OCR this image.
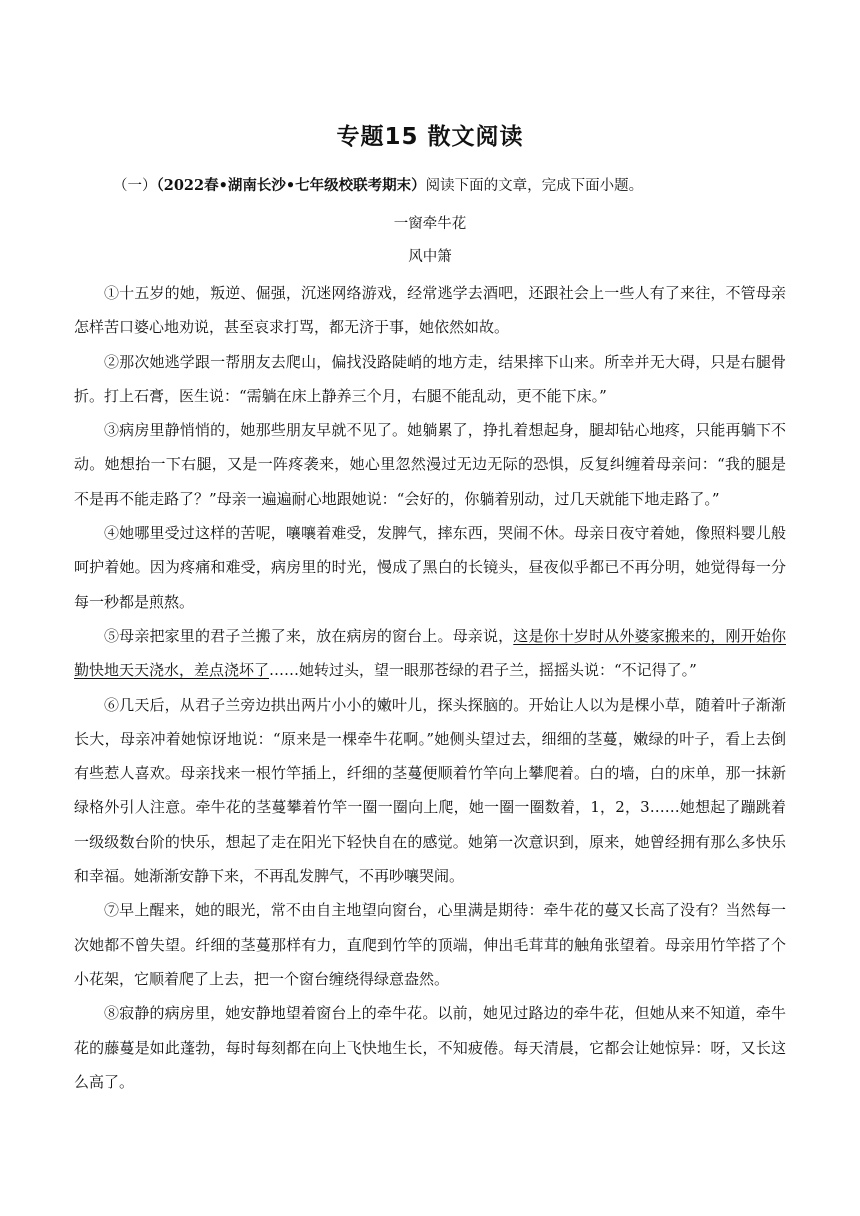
专题15 散文阅读
（一）（2022春•湖南长沙•七年级校联考期末）阅读下面的文章，完成下面小题。

一窗牵牛花

风中箫

①十五岁的她，叛逆、倔强，沉迷网络游戏，经常逃学去酒吧，还跟社会上一些人有了来往，不管母亲怎样苦口婆心地劝说，甚至哀求打骂，都无济于事，她依然如故。

②那次她逃学跟一帮朋友去爬山，偏找没路陡峭的地方走，结果摔下山来。所幸并无大碍，只是右腿骨折。打上石膏，医生说：“需躺在床上静养三个月，右腿不能乱动，更不能下床。”

③病房里静悄悄的，她那些朋友早就不见了。她躺累了，挣扎着想起身，腿却钻心地疼，只能再躺下不动。她想抬一下右腿，又是一阵疼袭来，她心里忽然漫过无边无际的恐惧，反复纠缠着母亲问：“我的腿是不是再不能走路了？”母亲一遍遍耐心地跟她说：“会好的，你躺着别动，过几天就能下地走路了。”

④她哪里受过这样的苦呢，嚷嚷着难受，发脾气，摔东西，哭闹不休。母亲日夜守着她，像照料婴儿般呵护着她。因为疼痛和难受，病房里的时光，慢成了黑白的长镜头，昼夜似乎都已不再分明，她觉得每一分每一秒都是煎熬。

⑤母亲把家里的君子兰搬了来，放在病房的窗台上。母亲说，这是你十岁时从外婆家搬来的，刚开始你勤快地天天浇水，差点浇坏了……她转过头，望一眼那苍绿的君子兰，摇摇头说：“不记得了。”

⑥几天后，从君子兰旁边拱出两片小小的嫩叶儿，探头探脑的。开始让人以为是棵小草，随着叶子渐渐长大，母亲冲着她惊讶地说：“原来是一棵牵牛花啊。”她侧头望过去，细细的茎蔓，嫩绿的叶子，看上去倒有些惹人喜欢。母亲找来一根竹竿插上，纤细的茎蔓便顺着竹竿向上攀爬着。白的墙，白的床单，那一抹新绿格外引人注意。牵牛花的茎蔓攀着竹竿一圈一圈向上爬，她一圈一圈数着，1，2，3……她想起了蹦跳着一级级数台阶的快乐，想起了走在阳光下轻快自在的感觉。她第一次意识到，原来，她曾经拥有那么多快乐和幸福。她渐渐安静下来，不再乱发脾气，不再吵嚷哭闹。

⑦早上醒来，她的眼光，常不由自主地望向窗台，心里满是期待：牵牛花的蔓又长高了没有？当然每一次她都不曾失望。纤细的茎蔓那样有力，直爬到竹竿的顶端，伸出毛茸茸的触角张望着。母亲用竹竿搭了个小花架，它顺着爬了上去，把一个窗台缠绕得绿意盎然。

⑧寂静的病房里，她安静地望着窗台上的牵牛花。以前，她见过路边的牵牛花，但她从来不知道，牵牛花的藤蔓是如此蓬勃，每时每刻都在向上飞快地生长，不知疲倦。每天清晨，它都会让她惊异：呀，又长这么高了。
